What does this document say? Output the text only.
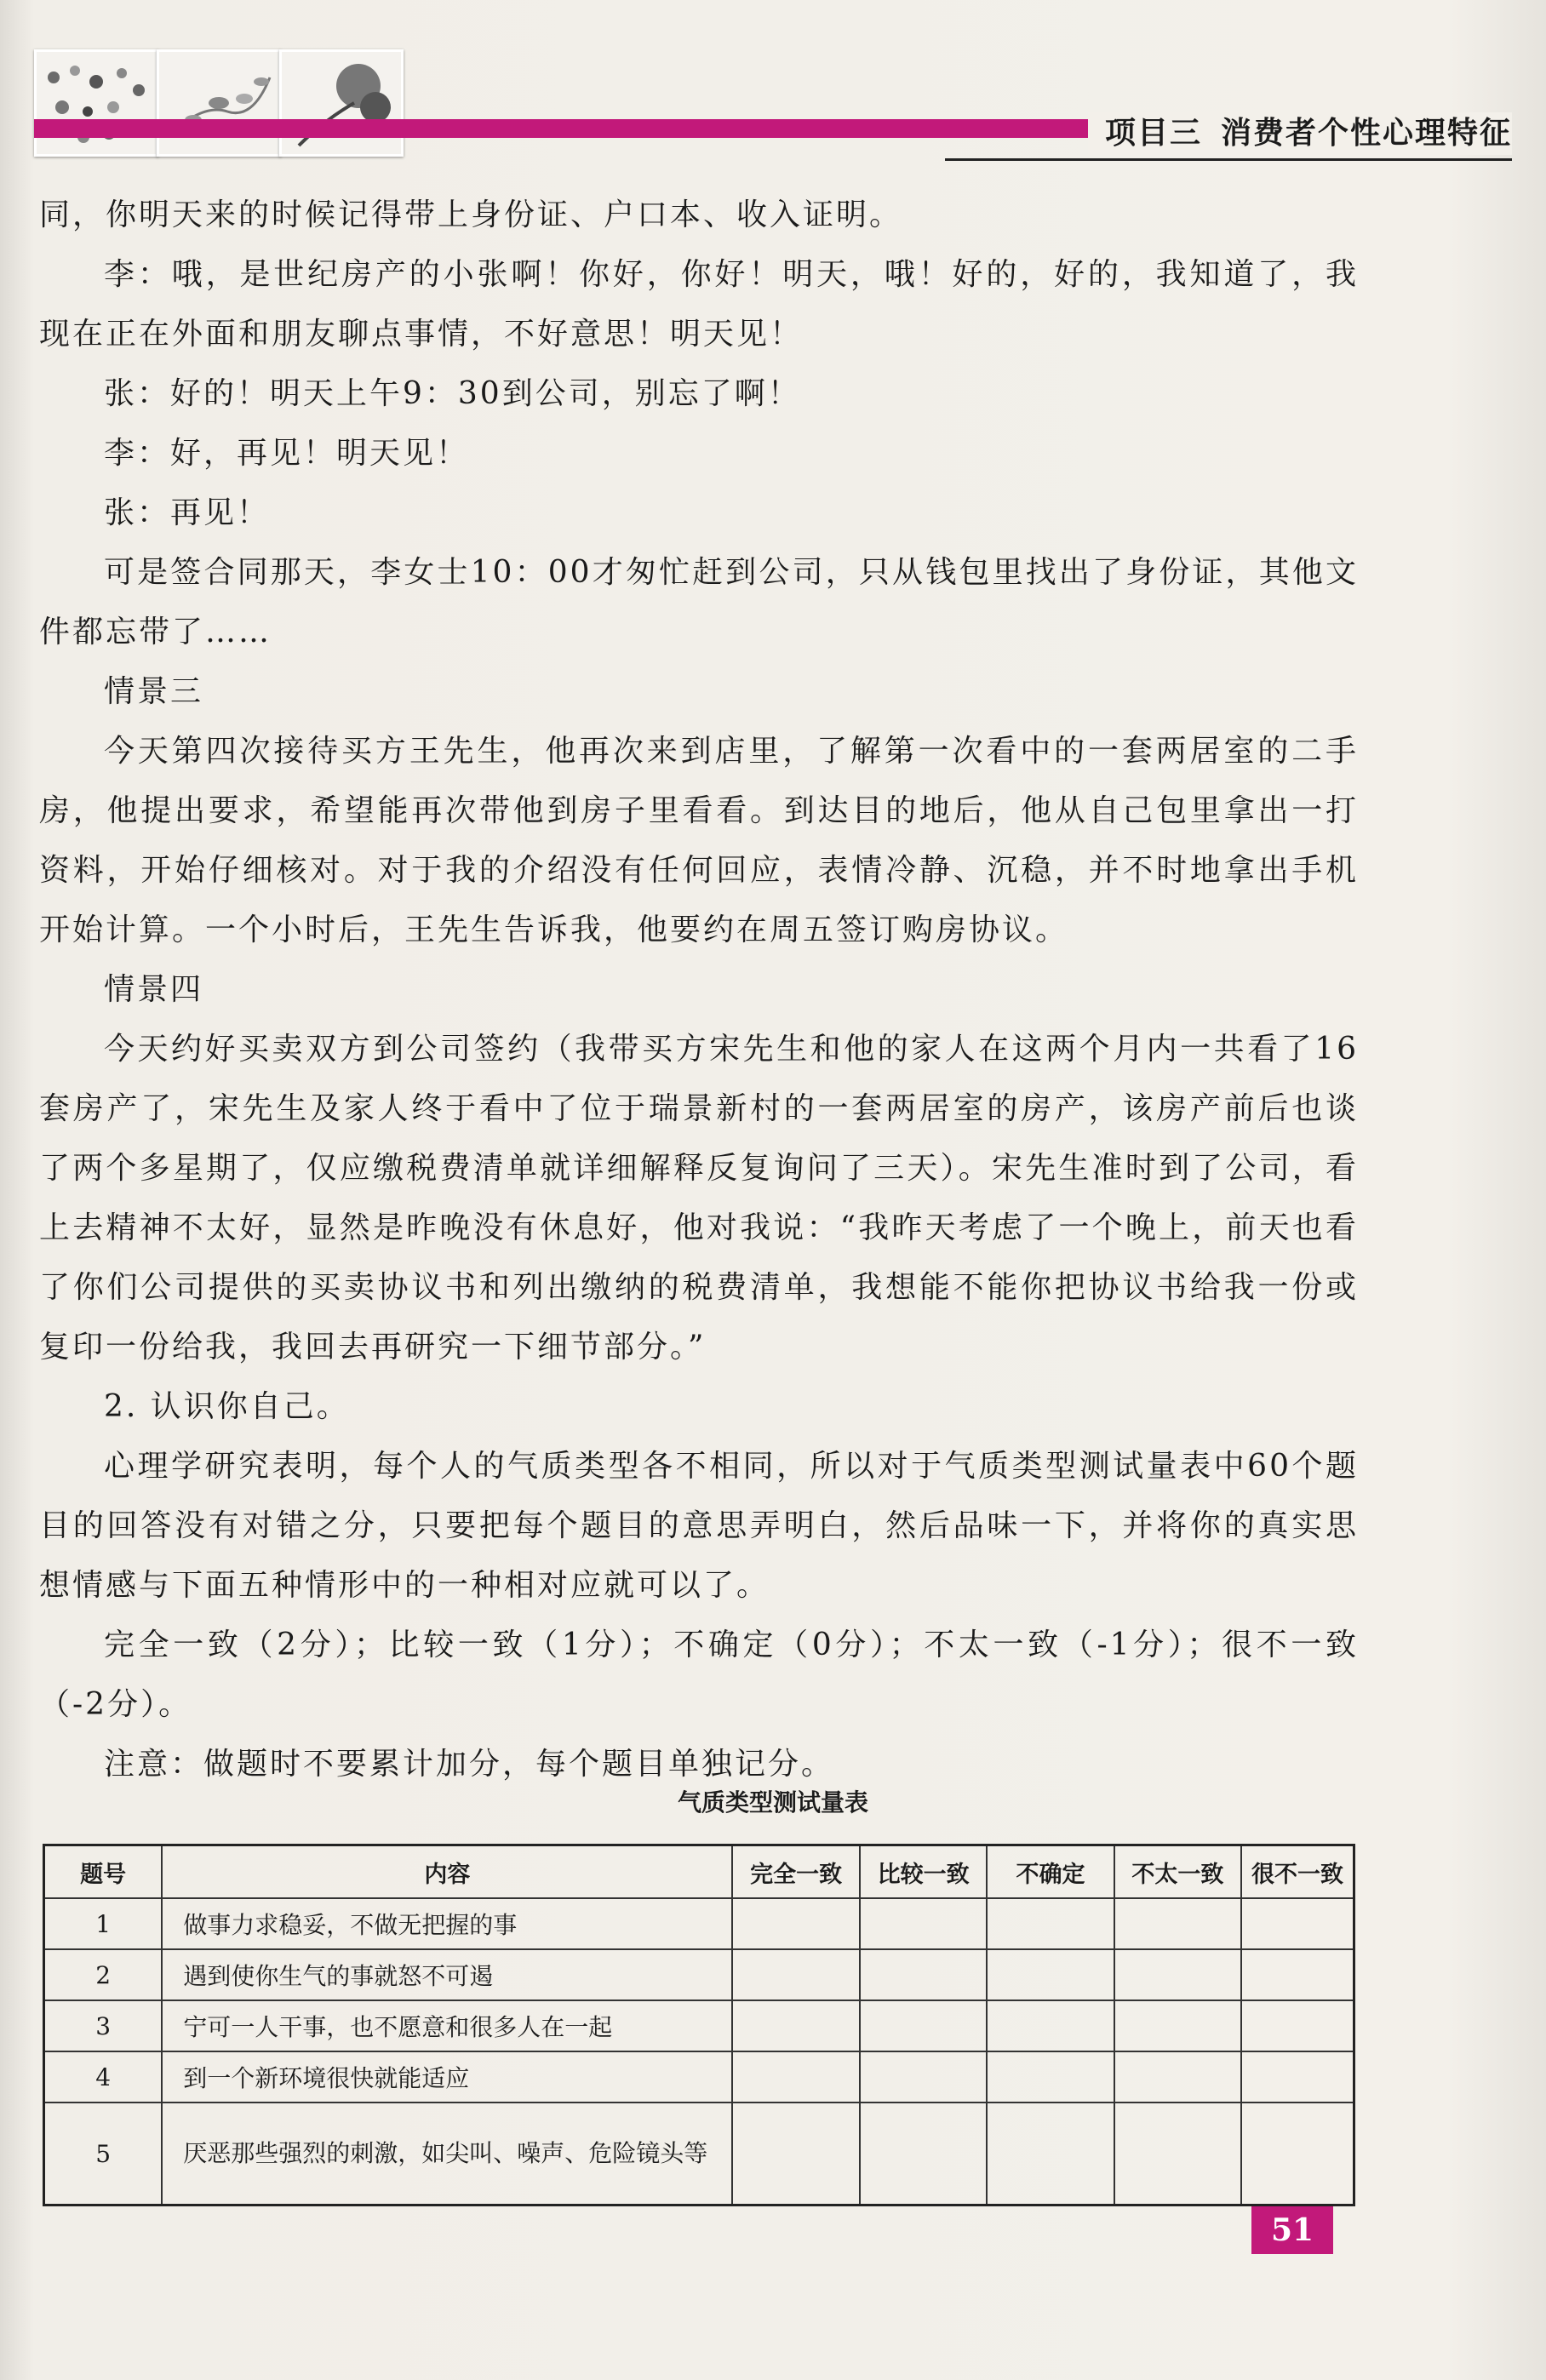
项目三 消费者个性心理特征

同，你明天来的时候记得带上身份证、户口本、收入证明。

李：哦，是世纪房产的小张啊！你好，你好！明天，哦！好的，好的，我知道了，我现在正在外面和朋友聊点事情，不好意思！明天见！

张：好的！明天上午9：30到公司，别忘了啊！

李：好，再见！明天见！

张：再见！

可是签合同那天，李女士10：00才匆忙赶到公司，只从钱包里找出了身份证，其他文件都忘带了……

情景三

今天第四次接待买方王先生，他再次来到店里，了解第一次看中的一套两居室的二手房，他提出要求，希望能再次带他到房子里看看。到达目的地后，他从自己包里拿出一打资料，开始仔细核对。对于我的介绍没有任何回应，表情冷静、沉稳，并不时地拿出手机开始计算。一个小时后，王先生告诉我，他要约在周五签订购房协议。

情景四

今天约好买卖双方到公司签约（我带买方宋先生和他的家人在这两个月内一共看了16套房产了，宋先生及家人终于看中了位于瑞景新村的一套两居室的房产，该房产前后也谈了两个多星期了，仅应缴税费清单就详细解释反复询问了三天）。宋先生准时到了公司，看上去精神不太好，显然是昨晚没有休息好，他对我说：“我昨天考虑了一个晚上，前天也看了你们公司提供的买卖协议书和列出缴纳的税费清单，我想能不能你把协议书给我一份或复印一份给我，我回去再研究一下细节部分。”

2. 认识你自己。

心理学研究表明，每个人的气质类型各不相同，所以对于气质类型测试量表中60个题目的回答没有对错之分，只要把每个题目的意思弄明白，然后品味一下，并将你的真实思想情感与下面五种情形中的一种相对应就可以了。

完全一致（2分）；比较一致（1分）；不确定（0分）；不太一致（-1分）；很不一致（-2分）。

注意：做题时不要累计加分，每个题目单独记分。

气质类型测试量表
题号	内容	完全一致	比较一致	不确定	不太一致	很不一致
1	做事力求稳妥，不做无把握的事					
2	遇到使你生气的事就怒不可遏					
3	宁可一人干事，也不愿意和很多人在一起					
4	到一个新环境很快就能适应					
5	厌恶那些强烈的刺激，如尖叫、噪声、危险镜头等					

51
